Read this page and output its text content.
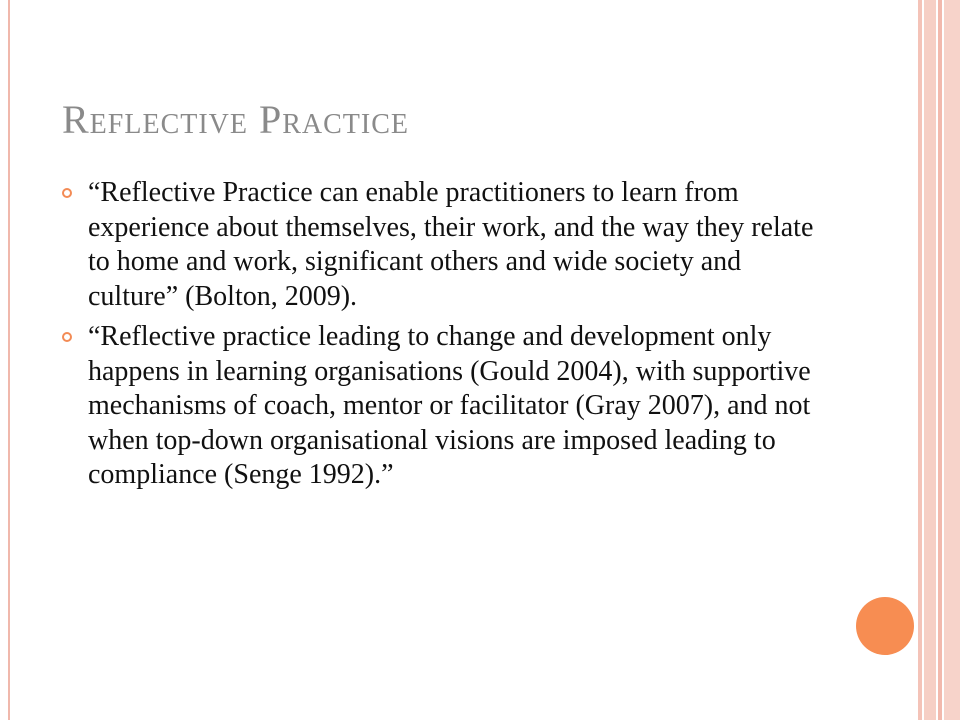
Reflective Practice
“Reflective Practice can enable practitioners to learn from experience about themselves, their work, and the way they relate to home and work, significant others and wide society and culture” (Bolton, 2009).
“Reflective practice leading to change and development only happens in learning organisations (Gould 2004), with supportive mechanisms of coach, mentor or facilitator (Gray 2007), and not when top-down organisational visions are imposed leading to compliance (Senge 1992).”
